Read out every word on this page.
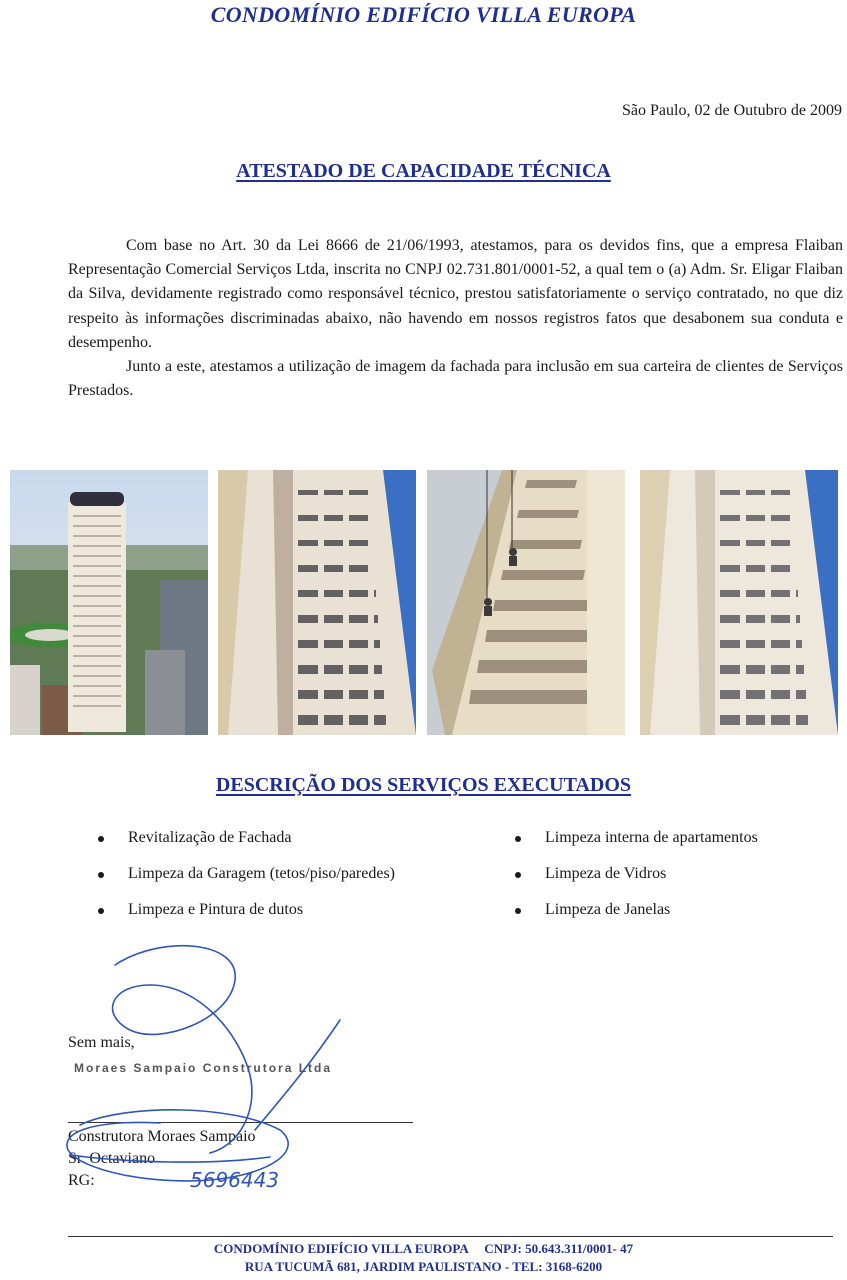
CONDOMÍNIO EDIFÍCIO VILLA EUROPA
São Paulo, 02 de Outubro de 2009
ATESTADO DE CAPACIDADE TÉCNICA

Com base no Art. 30 da Lei 8666 de 21/06/1993, atestamos, para os devidos fins, que a empresa Flaiban Representação Comercial Serviços Ltda, inscrita no CNPJ 02.731.801/0001-52, a qual tem o (a) Adm. Sr. Eligar Flaiban da Silva, devidamente registrado como responsável técnico, prestou satisfatoriamente o serviço contratado, no que diz respeito às informações discriminadas abaixo, não havendo em nossos registros fatos que desabonem sua conduta e desempenho.

Junto a este, atestamos a utilização de imagem da fachada para inclusão em sua carteira de clientes de Serviços Prestados.

DESCRIÇÃO DOS SERVIÇOS EXECUTADOS
Revitalização de Fachada
Limpeza da Garagem (tetos/piso/paredes)
Limpeza e Pintura de dutos
Limpeza interna de apartamentos
Limpeza de Vidros
Limpeza de Janelas
Sem mais,
Moraes Sampaio Construtora Ltda
Construtora Moraes Sampaio
Sr. Octaviano
RG:	5696443
CONDOMÍNIO EDIFÍCIO VILLA EUROPA     CNPJ: 50.643.311/0001- 47
RUA TUCUMÃ 681, JARDIM PAULISTANO - TEL: 3168-6200
